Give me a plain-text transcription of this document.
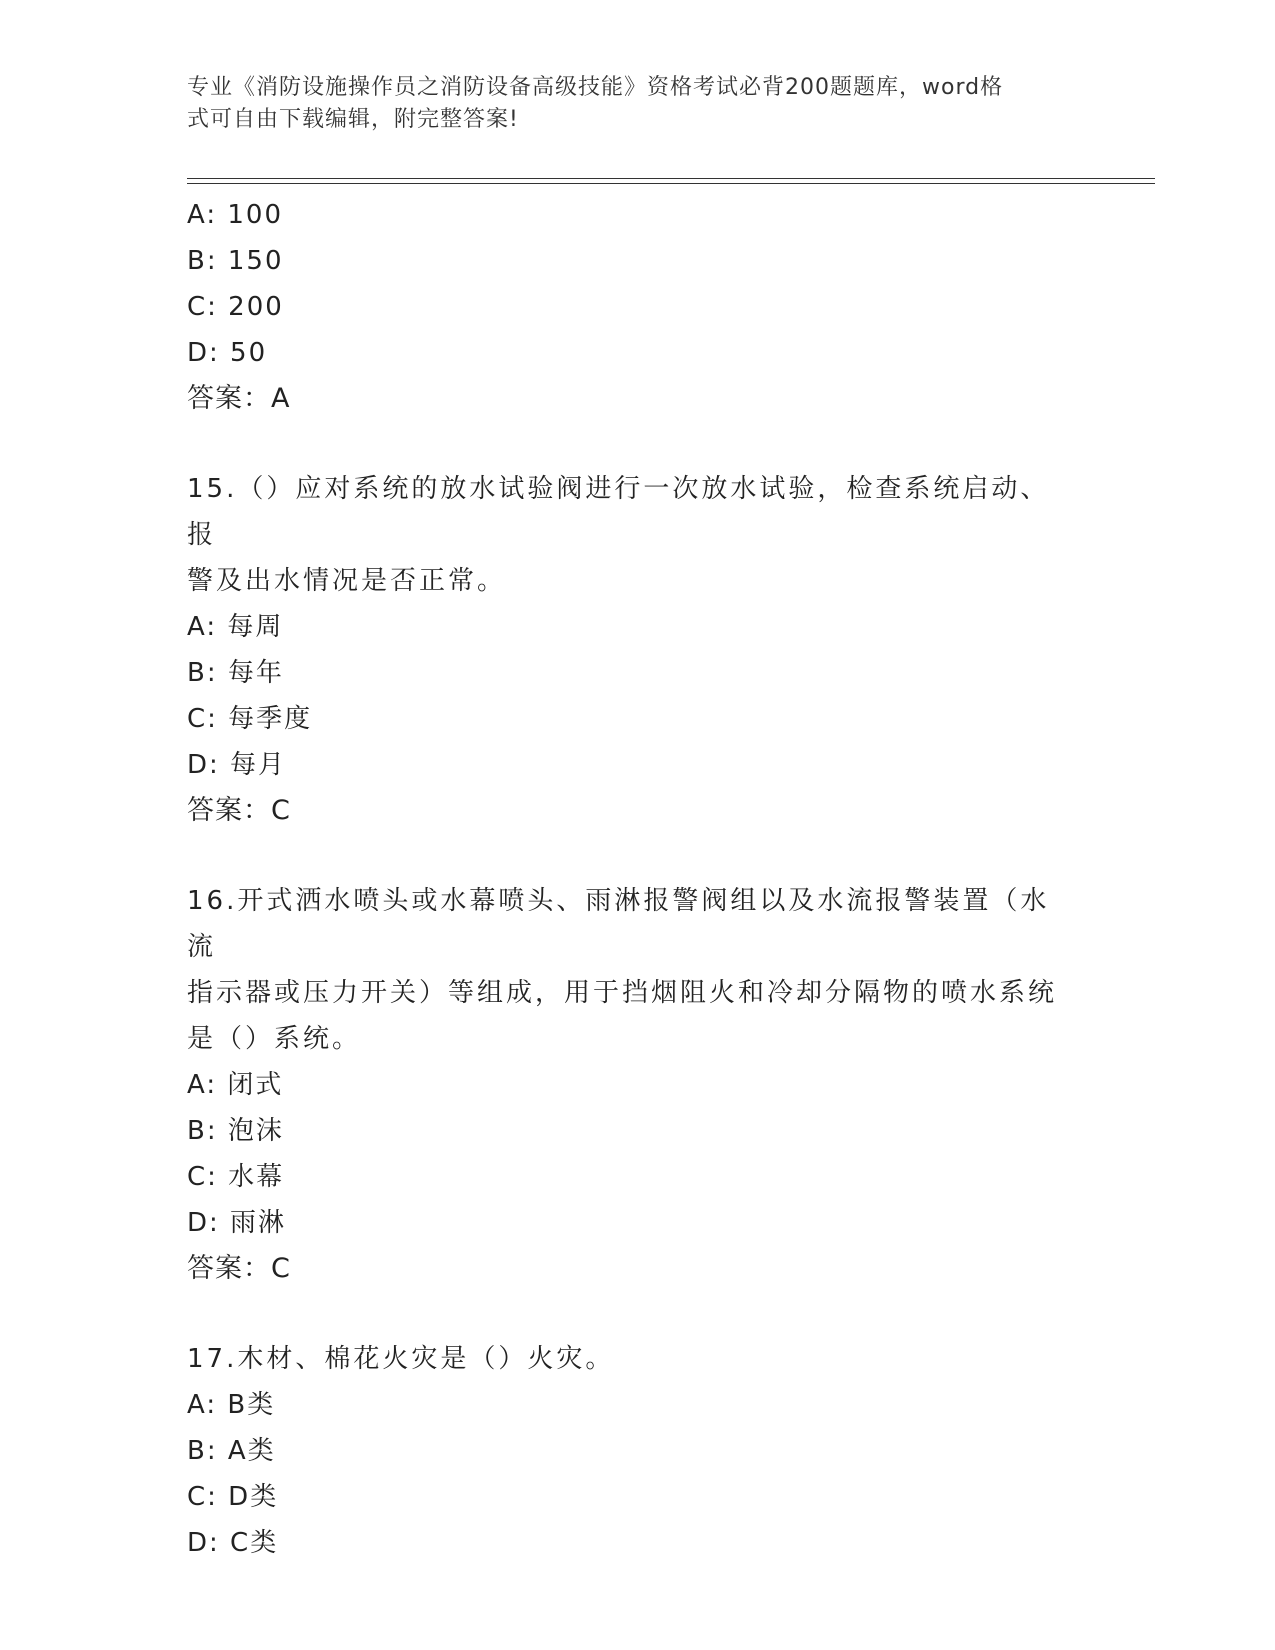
专业《消防设施操作员之消防设备高级技能》资格考试必背200题题库，word格
式可自由下载编辑，附完整答案!
A: 100
B: 150
C: 200
D: 50
答案：A
15.（）应对系统的放水试验阀进行一次放水试验，检查系统启动、报
警及出水情况是否正常。
A: 每周
B: 每年
C: 每季度
D: 每月
答案：C
16.开式洒水喷头或水幕喷头、雨淋报警阀组以及水流报警装置（水流
指示器或压力开关）等组成，用于挡烟阻火和冷却分隔物的喷水系统
是（）系统。
A: 闭式
B: 泡沫
C: 水幕
D: 雨淋
答案：C
17.木材、棉花火灾是（）火灾。
A: B类
B: A类
C: D类
D: C类
